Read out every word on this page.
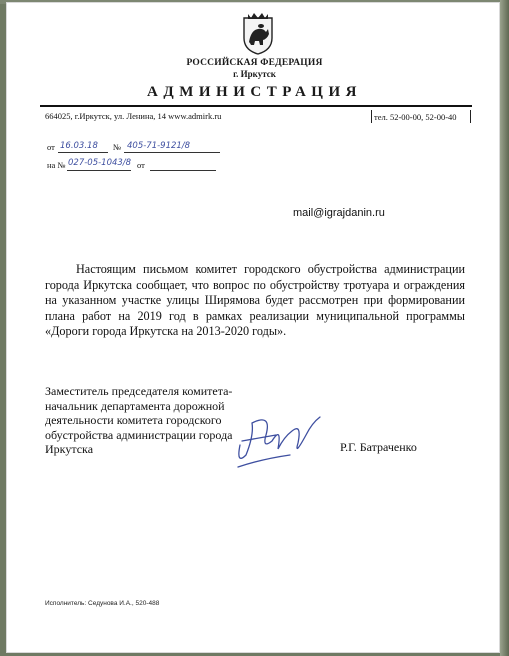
РОССИЙСКАЯ ФЕДЕРАЦИЯ
г. Иркутск
АДМИНИСТРАЦИЯ
664025, г.Иркутск, ул. Ленина, 14 www.admirk.ru	тел. 52-00-00, 52-00-40
от 16.03.18 № 405-71-9121/8
на № 027-05-1043/8 от
mail@igrajdanin.ru
Настоящим письмом комитет городского обустройства администрации города Иркутска сообщает, что вопрос по обустройству тротуара и ограждения на указанном участке улицы Ширямова будет рассмотрен при формировании плана работ на 2019 год в рамках реализации муниципальной программы «Дороги города Иркутска на 2013-2020 годы».
Заместитель председателя комитета-начальник департамента дорожной деятельности комитета городского обустройства администрации города Иркутска	Р.Г. Батраченко
Исполнитель: Седунова И.А., 520-488
